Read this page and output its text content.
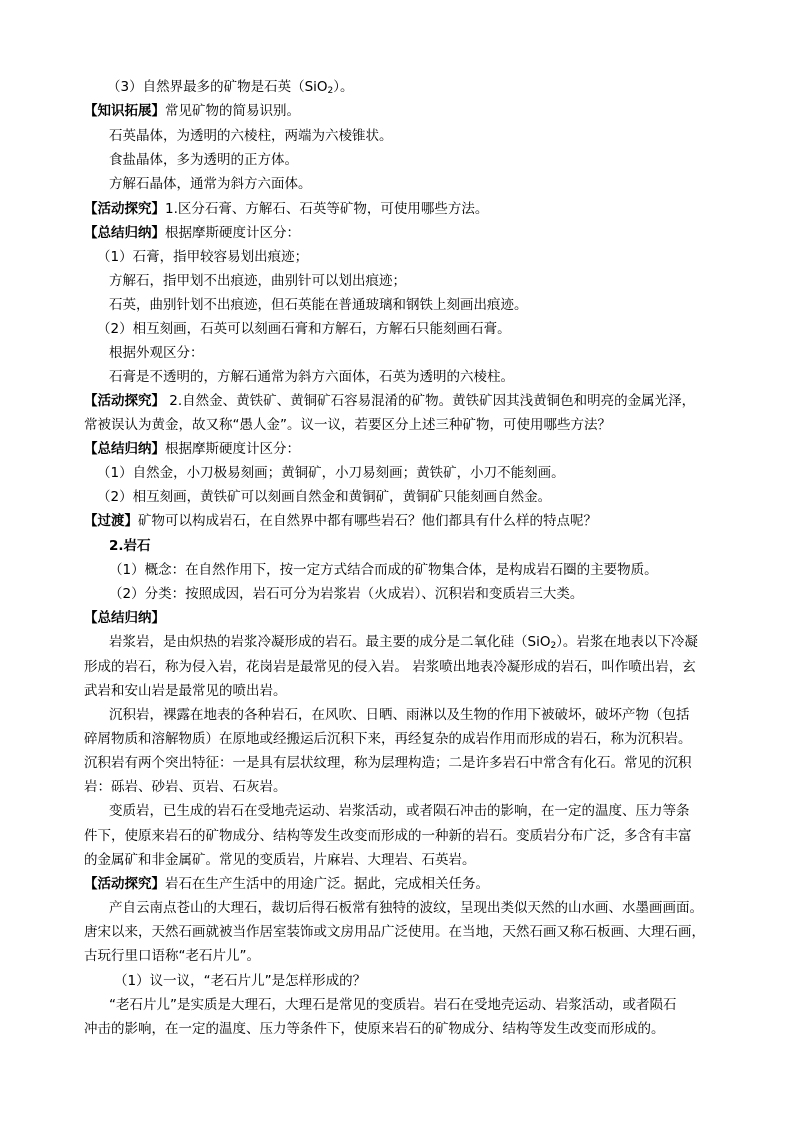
（3）自然界最多的矿物是石英（SiO$_2$）。
【知识拓展】常见矿物的简易识别。
石英晶体，为透明的六棱柱，两端为六棱锥状。
食盐晶体，多为透明的正方体。
方解石晶体，通常为斜方六面体。
【活动探究】1.区分石膏、方解石、石英等矿物，可使用哪些方法。
【总结归纳】根据摩斯硬度计区分：
（1）石膏，指甲较容易划出痕迹；
方解石，指甲划不出痕迹，曲别针可以划出痕迹；
石英，曲别针划不出痕迹，但石英能在普通玻璃和钢铁上刻画出痕迹。
（2）相互刻画，石英可以刻画石膏和方解石，方解石只能刻画石膏。
根据外观区分：
石膏是不透明的，方解石通常为斜方六面体，石英为透明的六棱柱。
【活动探究】 2.自然金、黄铁矿、黄铜矿石容易混淆的矿物。黄铁矿因其浅黄铜色和明亮的金属光泽，
常被误认为黄金，故又称“愚人金”。议一议，若要区分上述三种矿物，可使用哪些方法？
【总结归纳】根据摩斯硬度计区分：
（1）自然金，小刀极易刻画；黄铜矿，小刀易刻画；黄铁矿，小刀不能刻画。
（2）相互刻画，黄铁矿可以刻画自然金和黄铜矿，黄铜矿只能刻画自然金。
【过渡】矿物可以构成岩石，在自然界中都有哪些岩石？他们都具有什么样的特点呢？
2.岩石
（1）概念：在自然作用下，按一定方式结合而成的矿物集合体，是构成岩石圈的主要物质。
（2）分类：按照成因，岩石可分为岩浆岩（火成岩）、沉积岩和变质岩三大类。
【总结归纳】
岩浆岩，是由炽热的岩浆冷凝形成的岩石。最主要的成分是二氧化硅（SiO$_2$）。岩浆在地表以下冷凝
形成的岩石，称为侵入岩，花岗岩是最常见的侵入岩。 岩浆喷出地表冷凝形成的岩石，叫作喷出岩，玄
武岩和安山岩是最常见的喷出岩。
沉积岩，裸露在地表的各种岩石，在风吹、日晒、雨淋以及生物的作用下被破坏，破坏产物（包括
碎屑物质和溶解物质）在原地或经搬运后沉积下来，再经复杂的成岩作用而形成的岩石，称为沉积岩。
沉积岩有两个突出特征：一是具有层状纹理，称为层理构造；二是许多岩石中常含有化石。常见的沉积
岩：砾岩、砂岩、页岩、石灰岩。
变质岩，已生成的岩石在受地壳运动、岩浆活动，或者陨石冲击的影响，在一定的温度、压力等条
件下，使原来岩石的矿物成分、结构等发生改变而形成的一种新的岩石。变质岩分布广泛，多含有丰富
的金属矿和非金属矿。常见的变质岩，片麻岩、大理岩、石英岩。
【活动探究】岩石在生产生活中的用途广泛。据此，完成相关任务。
产自云南点苍山的大理石，裁切后得石板常有独特的波纹，呈现出类似天然的山水画、水墨画画面。
唐宋以来，天然石画就被当作居室装饰或文房用品广泛使用。在当地，天然石画又称石板画、大理石画，
古玩行里口语称“老石片儿”。
（1）议一议，“老石片儿”是怎样形成的？
“老石片儿”是实质是大理石，大理石是常见的变质岩。岩石在受地壳运动、岩浆活动，或者陨石
冲击的影响，在一定的温度、压力等条件下，使原来岩石的矿物成分、结构等发生改变而形成的。
